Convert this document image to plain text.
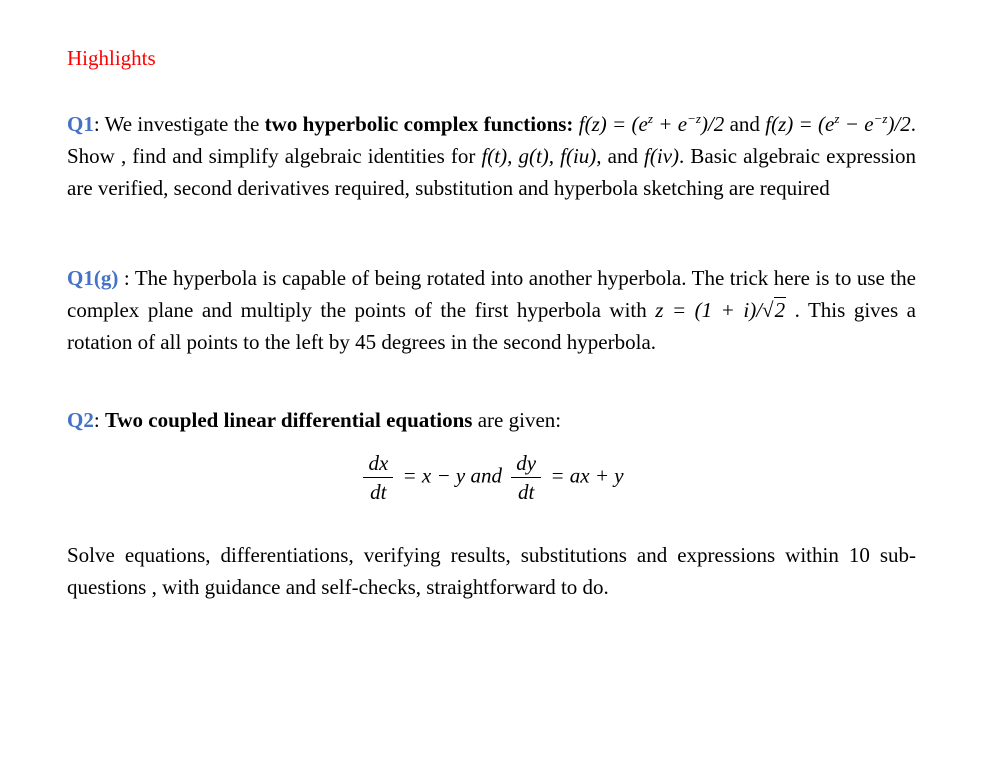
Highlights

Q1: We investigate the two hyperbolic complex functions: $f(z) = (e^z + e^{-z})/2$ and $f(z) = (e^z - e^{-z})/2$. Show , find and simplify algebraic identities for f(t), g(t), f(iu), and f(iv). Basic algebraic expression are verified, second derivatives required, substitution and hyperbola sketching are required

Q1(g) : The hyperbola is capable of being rotated into another hyperbola. The trick here is to use the complex plane and multiply the points of the first hyperbola with z = (1 + i)/√2 . This gives a rotation of all points to the left by 45 degrees in the second hyperbola.

Q2: Two coupled linear differential equations are given:

$\frac{dx}{dt} = x - y$ and $\frac{dy}{dt}$ = ax + y

Solve equations, differentiations, verifying results, substitutions and expressions within 10 sub-questions , with guidance and self-checks, straightforward to do.
